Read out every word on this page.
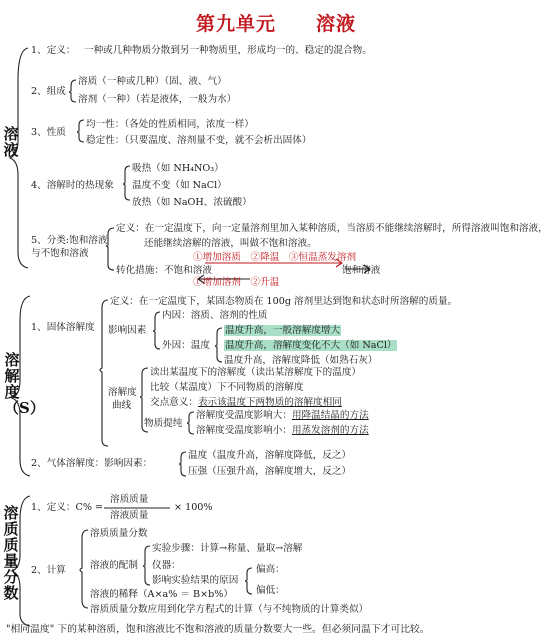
第九单元　　溶液
溶液
溶解度（S）
溶质质量分数
1、定义： 一种或几种物质分散到另一种物质里，形成均一的、稳定的混合物。
2、组成
溶质（一种或几种）（固、液、气）
溶剂（一种）（若是液体，一般为水）
3、性质
均一性：（各处的性质相同，浓度一样）
稳定性：（只要温度、溶剂量不变，就不会析出固体）
4、溶解时的热现象
吸热（如 NH₄NO₃）
温度不变（如 NaCl）
放热（如 NaOH、浓硫酸）
5、分类:饱和溶液
与不饱和溶液
定义：在一定温度下，向一定量溶剂里加入某种溶质，当溶质不能继续溶解时，所得溶液叫饱和溶液，
还能继续溶解的溶液，叫做不饱和溶液。
①增加溶质　②降温　③恒温蒸发溶剂
转化措施：不饱和溶液	饱和溶液
①增加溶剂　②升温
定义：在一定温度下，某固态物质在 100g 溶剂里达到饱和状态时所溶解的质量。
1、固体溶解度 影响因素
内因：溶质、溶剂的性质
外因：温度
温度升高，一般溶解度增大
温度升高，溶解度变化不大（如 NaCl）
温度升高，溶解度降低（如熟石灰）
溶解度
曲线
读出某温度下的溶解度（读出某溶解度下的温度）
比较（某温度）下不同物质的溶解度
交点意义：表示该温度下两物质的溶解度相同
物质提纯
溶解度受温度影响大：用降温结晶的方法
溶解度受温度影响小：用蒸发溶剂的方法
2、气体溶解度：影响因素：
温度（温度升高，溶解度降低，反之）
压强（压强升高，溶解度增大，反之）
1、定义：C% =
溶质质量
溶液质量
× 100%
2、计算
溶质质量分数
溶液的配制
实验步骤：计算→称量、量取→溶解
仪器：
影响实验结果的原因
偏高：
偏低：
溶液的稀释（A×a% ＝ B×b%）
溶质质量分数应用到化学方程式的计算（与不纯物质的计算类似）
"相同温度" 下的某种溶质，饱和溶液比不饱和溶液的质量分数要大一些。但必须同温下才可比较。
